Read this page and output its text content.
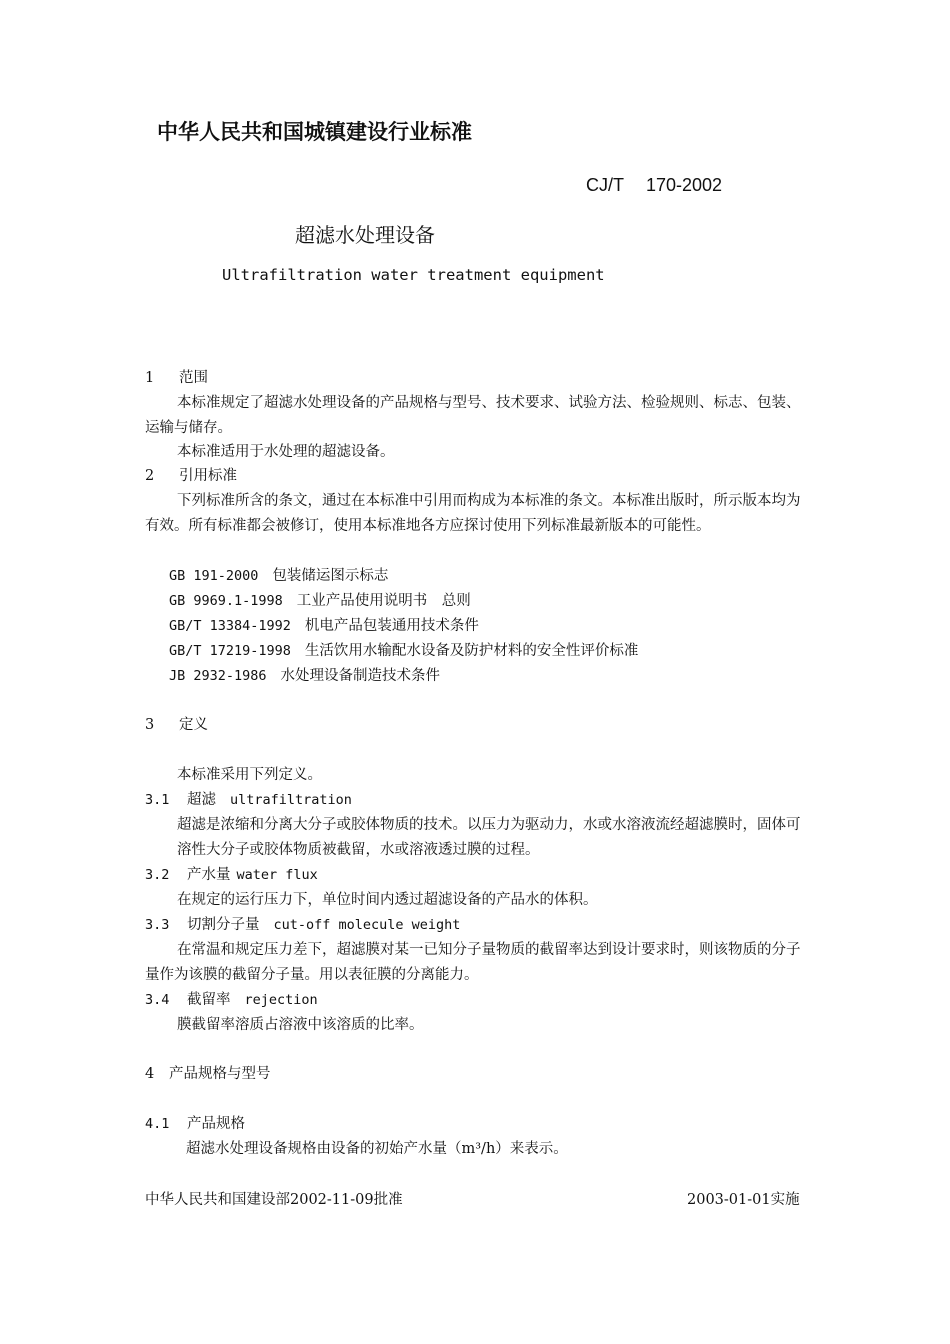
中华人民共和国城镇建设行业标准
CJ/T 170-2002
超滤水处理设备
Ultrafiltration water treatment equipment
1 范围
本标准规定了超滤水处理设备的产品规格与型号、技术要求、试验方法、检验规则、标志、包装、运输与储存。
本标准适用于水处理的超滤设备。
2 引用标准
下列标准所含的条文，通过在本标准中引用而构成为本标准的条文。本标准出版时，所示版本均为有效。所有标准都会被修订，使用本标准地各方应探讨使用下列标准最新版本的可能性。
GB 191-2000 包装储运图示标志
GB 9969.1-1998 工业产品使用说明书　总则
GB/T 13384-1992 机电产品包装通用技术条件
GB/T 17219-1998 生活饮用水输配水设备及防护材料的安全性评价标准
JB 2932-1986 水处理设备制造技术条件
3 定义
本标准采用下列定义。
3.1 超滤 ultrafiltration
超滤是浓缩和分离大分子或胶体物质的技术。以压力为驱动力，水或水溶液流经超滤膜时，固体可溶性大分子或胶体物质被截留，水或溶液透过膜的过程。
3.2 产水量 water flux
在规定的运行压力下，单位时间内透过超滤设备的产品水的体积。
3.3 切割分子量 cut-off molecule weight
在常温和规定压力差下，超滤膜对某一已知分子量物质的截留率达到设计要求时，则该物质的分子量作为该膜的截留分子量。用以表征膜的分离能力。
3.4 截留率 rejection
膜截留率溶质占溶液中该溶质的比率。
4 产品规格与型号
4.1 产品规格
超滤水处理设备规格由设备的初始产水量（m³/h）来表示。
中华人民共和国建设部2002-11-09批准	2003-01-01实施
